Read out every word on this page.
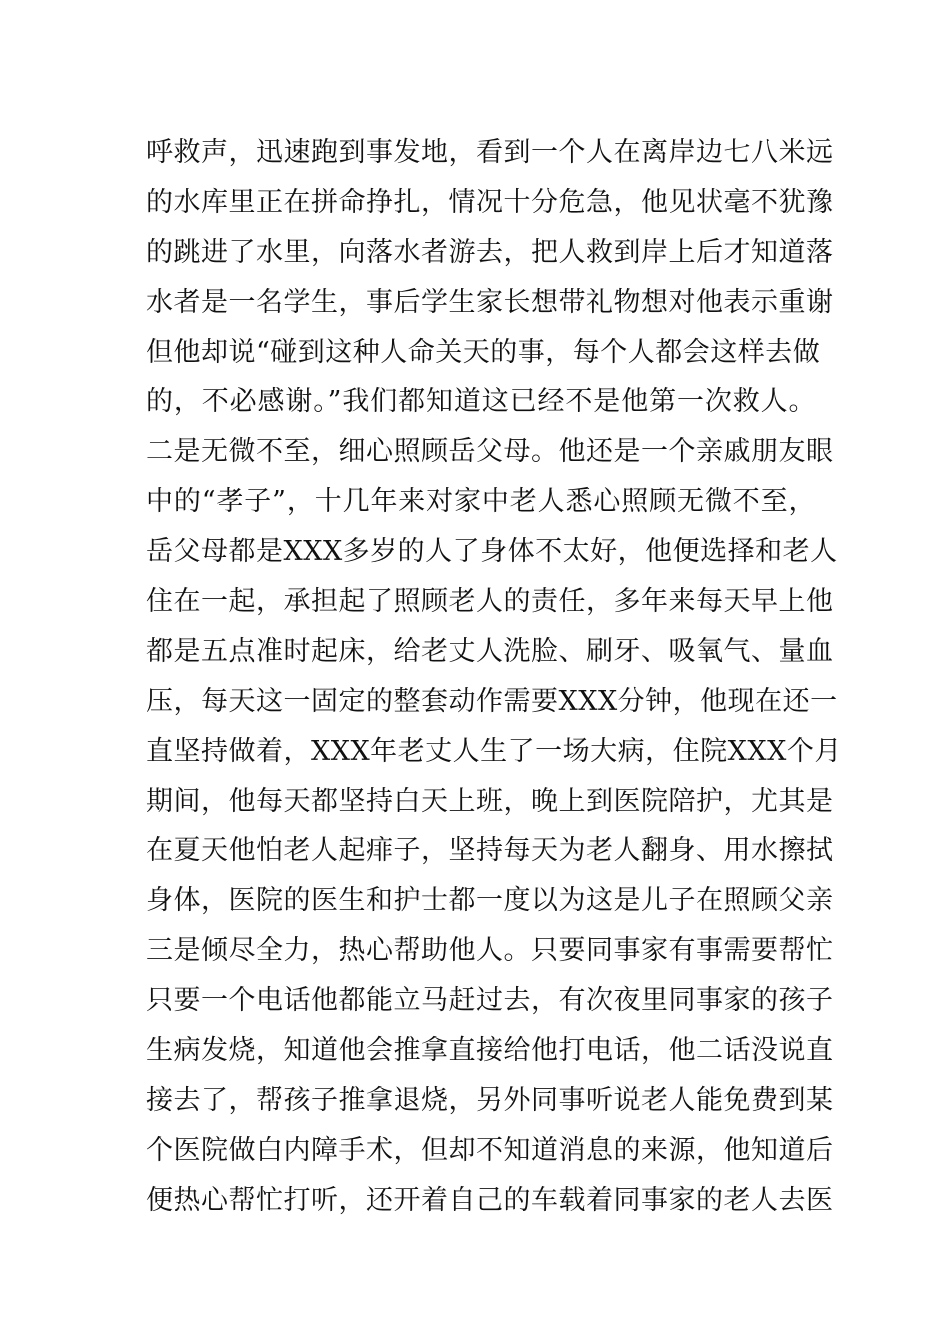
呼救声，迅速跑到事发地，看到一个人在离岸边七八米远
的水库里正在拼命挣扎，情况十分危急，他见状毫不犹豫
的跳进了水里，向落水者游去，把人救到岸上后才知道落
水者是一名学生，事后学生家长想带礼物想对他表示重谢
但他却说“碰到这种人命关天的事，每个人都会这样去做
的，不必感谢。”我们都知道这已经不是他第一次救人。
二是无微不至，细心照顾岳父母。他还是一个亲戚朋友眼
中的“孝子”，十几年来对家中老人悉心照顾无微不至，
岳父母都是XXX多岁的人了身体不太好，他便选择和老人
住在一起，承担起了照顾老人的责任，多年来每天早上他
都是五点准时起床，给老丈人洗脸、刷牙、吸氧气、量血
压，每天这一固定的整套动作需要XXX分钟，他现在还一
直坚持做着，XXX年老丈人生了一场大病，住院XXX个月
期间，他每天都坚持白天上班，晚上到医院陪护，尤其是
在夏天他怕老人起痱子，坚持每天为老人翻身、用水擦拭
身体，医院的医生和护士都一度以为这是儿子在照顾父亲
三是倾尽全力，热心帮助他人。只要同事家有事需要帮忙
只要一个电话他都能立马赶过去，有次夜里同事家的孩子
生病发烧，知道他会推拿直接给他打电话，他二话没说直
接去了，帮孩子推拿退烧，另外同事听说老人能免费到某
个医院做白内障手术，但却不知道消息的来源，他知道后
便热心帮忙打听，还开着自己的车载着同事家的老人去医
